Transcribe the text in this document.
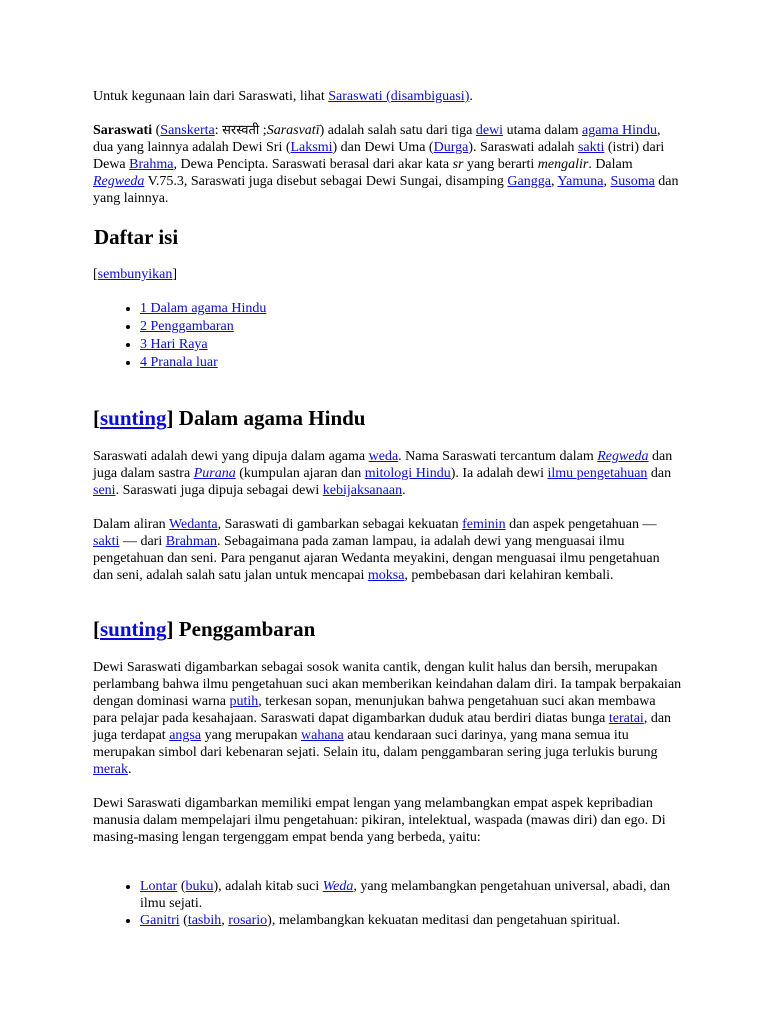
Untuk kegunaan lain dari Saraswati, lihat Saraswati (disambiguasi).

Saraswati (Sanskerta: सरस्वती ;Sarasvatī) adalah salah satu dari tiga dewi utama dalam agama Hindu, dua yang lainnya adalah Dewi Sri (Laksmi) dan Dewi Uma (Durga). Saraswati adalah sakti (istri) dari Dewa Brahma, Dewa Pencipta. Saraswati berasal dari akar kata sr yang berarti mengalir. Dalam Regweda V.75.3, Saraswati juga disebut sebagai Dewi Sungai, disamping Gangga, Yamuna, Susoma dan yang lainnya.

Daftar isi

[sembunyikan]

• 1 Dalam agama Hindu
• 2 Penggambaran
• 3 Hari Raya
• 4 Pranala luar
[sunting] Dalam agama Hindu

Saraswati adalah dewi yang dipuja dalam agama weda. Nama Saraswati tercantum dalam Regweda dan juga dalam sastra Purana (kumpulan ajaran dan mitologi Hindu). Ia adalah dewi ilmu pengetahuan dan seni. Saraswati juga dipuja sebagai dewi kebijaksanaan.

Dalam aliran Wedanta, Saraswati di gambarkan sebagai kekuatan feminin dan aspek pengetahuan — sakti — dari Brahman. Sebagaimana pada zaman lampau, ia adalah dewi yang menguasai ilmu pengetahuan dan seni. Para penganut ajaran Wedanta meyakini, dengan menguasai ilmu pengetahuan dan seni, adalah salah satu jalan untuk mencapai moksa, pembebasan dari kelahiran kembali.

[sunting] Penggambaran

Dewi Saraswati digambarkan sebagai sosok wanita cantik, dengan kulit halus dan bersih, merupakan perlambang bahwa ilmu pengetahuan suci akan memberikan keindahan dalam diri. Ia tampak berpakaian dengan dominasi warna putih, terkesan sopan, menunjukan bahwa pengetahuan suci akan membawa para pelajar pada kesahajaan. Saraswati dapat digambarkan duduk atau berdiri diatas bunga teratai, dan juga terdapat angsa yang merupakan wahana atau kendaraan suci darinya, yang mana semua itu merupakan simbol dari kebenaran sejati. Selain itu, dalam penggambaran sering juga terlukis burung merak.

Dewi Saraswati digambarkan memiliki empat lengan yang melambangkan empat aspek kepribadian manusia dalam mempelajari ilmu pengetahuan: pikiran, intelektual, waspada (mawas diri) dan ego. Di masing-masing lengan tergenggam empat benda yang berbeda, yaitu:

• Lontar (buku), adalah kitab suci Weda, yang melambangkan pengetahuan universal, abadi, dan ilmu sejati.
• Ganitri (tasbih, rosario), melambangkan kekuatan meditasi dan pengetahuan spiritual.
